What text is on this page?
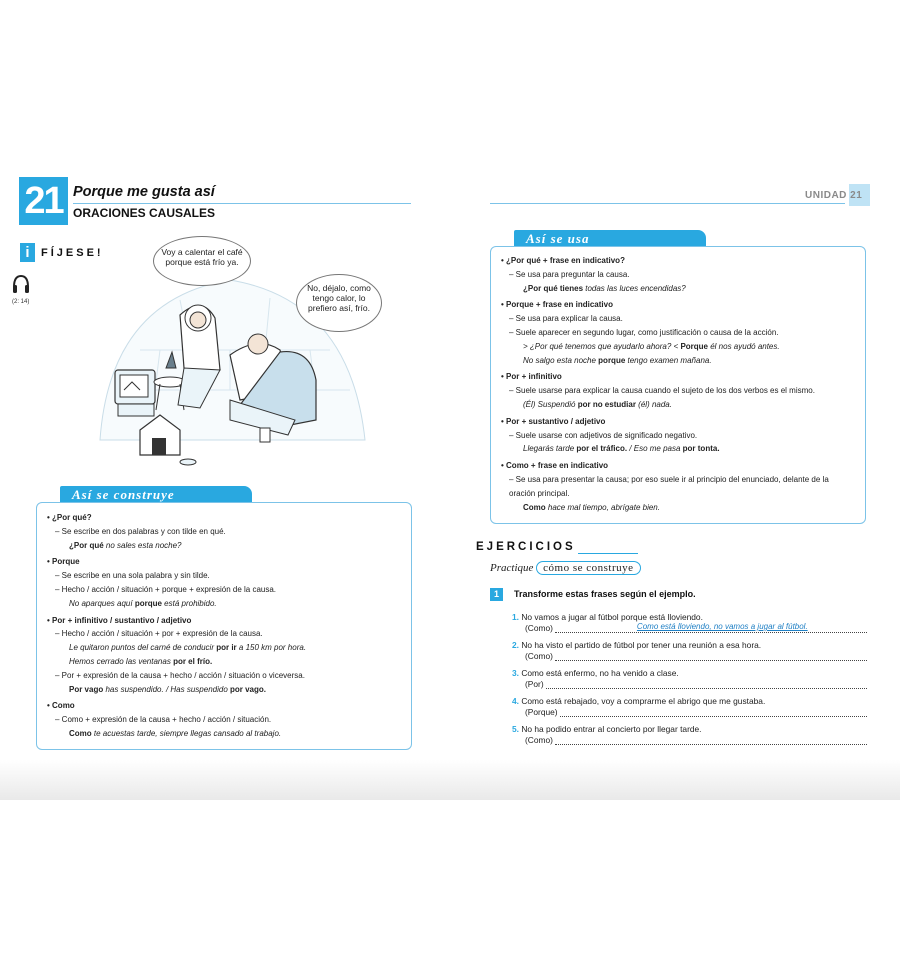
21 Porque me gusta así
ORACIONES CAUSALES
i	FÍJESE!
(2: 14)
Voy a calentar el café porque está frío ya.
No, déjalo, como tengo calor, lo prefiero así, frío.
Así se construye
• ¿Por qué?
– Se escribe en dos palabras y con tilde en qué.
¿Por qué no sales esta noche?
• Porque
– Se escribe en una sola palabra y sin tilde.
– Hecho / acción / situación + porque + expresión de la causa.
No aparques aquí porque está prohibido.
• Por + infinitivo / sustantivo / adjetivo
– Hecho / acción / situación + por + expresión de la causa.
Le quitaron puntos del carné de conducir por ir a 150 km por hora.
Hemos cerrado las ventanas por el frío.
– Por + expresión de la causa + hecho / acción / situación o viceversa.
Por vago has suspendido. / Has suspendido por vago.
• Como
– Como + expresión de la causa + hecho / acción / situación.
Como te acuestas tarde, siempre llegas cansado al trabajo.
UNIDAD 21
Así se usa
• ¿Por qué + frase en indicativo?
– Se usa para preguntar la causa.
¿Por qué tienes todas las luces encendidas?
• Porque + frase en indicativo
– Se usa para explicar la causa.
– Suele aparecer en segundo lugar, como justificación o causa de la acción.
> ¿Por qué tenemos que ayudarlo ahora? < Porque él nos ayudó antes.
No salgo esta noche porque tengo examen mañana.
• Por + infinitivo
– Suele usarse para explicar la causa cuando el sujeto de los dos verbos es el mismo.
(Él) Suspendió por no estudiar (él) nada.
• Por + sustantivo / adjetivo
– Suele usarse con adjetivos de significado negativo.
Llegarás tarde por el tráfico. / Eso me pasa por tonta.
• Como + frase en indicativo
– Se usa para presentar la causa; por eso suele ir al principio del enunciado, delante de la oración principal.
Como hace mal tiempo, abrígate bien.
EJERCICIOS
Practique cómo se construye
1	Transforme estas frases según el ejemplo.
1. No vamos a jugar al fútbol porque está lloviendo.
(Como)	Como está lloviendo, no vamos a jugar al fútbol.
2. No ha visto el partido de fútbol por tener una reunión a esa hora.
(Como)
3. Como está enfermo, no ha venido a clase.
(Por)
4. Como está rebajado, voy a comprarme el abrigo que me gustaba.
(Porque)
5. No ha podido entrar al concierto por llegar tarde.
(Como)
